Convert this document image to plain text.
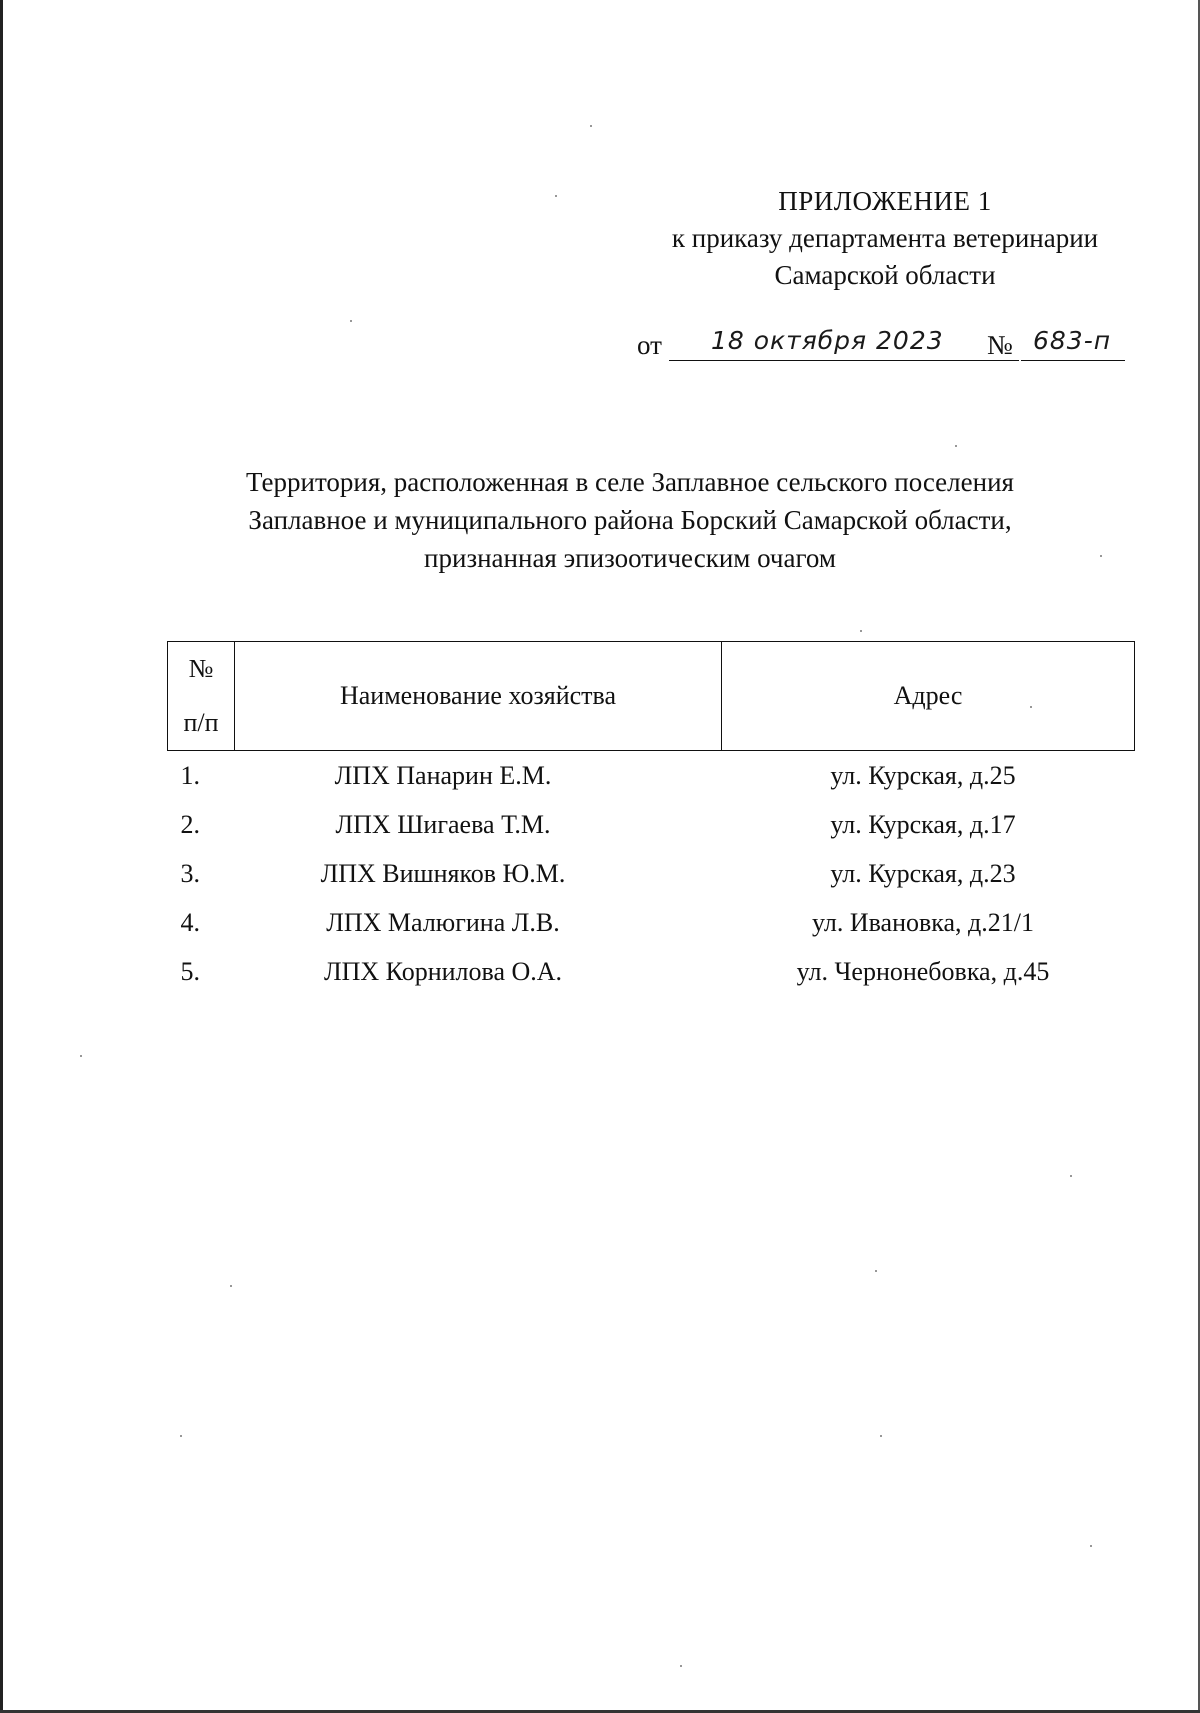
ПРИЛОЖЕНИЕ 1
к приказу департамента ветеринарии
Самарской области
от 18 октября 2023 № 683-п
Территория, расположенная в селе Заплавное сельского поселения
Заплавное и муниципального района Борский Самарской области,
признанная эпизоотическим очагом
№
п/п	Наименование хозяйства	Адрес
1.	ЛПХ Панарин Е.М.	ул. Курская, д.25
2.	ЛПХ Шигаева Т.М.	ул. Курская, д.17
3.	ЛПХ Вишняков Ю.М.	ул. Курская, д.23
4.	ЛПХ Малюгина Л.В.	ул. Ивановка, д.21/1
5.	ЛПХ Корнилова О.А.	ул. Чернонебовка, д.45
